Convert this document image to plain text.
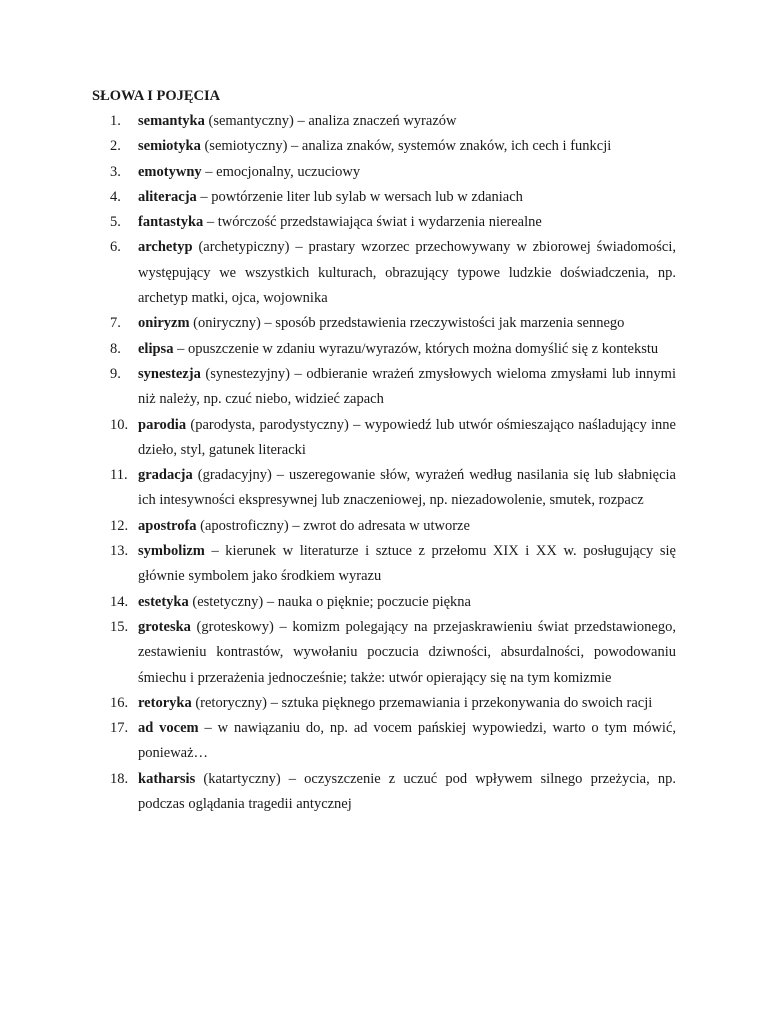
SŁOWA I POJĘCIA
1.	semantyka (semantyczny) – analiza znaczeń wyrazów
2.	semiotyka (semiotyczny) – analiza znaków, systemów znaków, ich cech i funkcji
3.	emotywny – emocjonalny, uczuciowy
4.	aliteracja – powtórzenie liter lub sylab w wersach lub w zdaniach
5.	fantastyka – twórczość przedstawiająca świat i wydarzenia nierealne
6.	archetyp (archetypiczny) – prastary wzorzec przechowywany w zbiorowej świadomości, występujący we wszystkich kulturach, obrazujący typowe ludzkie doświadczenia, np. archetyp matki, ojca, wojownika
7.	oniryzm (oniryczny) – sposób przedstawienia rzeczywistości jak marzenia sennego
8.	elipsa – opuszczenie w zdaniu wyrazu/wyrazów, których można domyślić się z kontekstu
9.	synestezja (synestezyjny) – odbieranie wrażeń zmysłowych wieloma zmysłami lub innymi niż należy, np. czuć niebo, widzieć zapach
10. parodia (parodysta, parodystyczny) – wypowiedź lub utwór ośmieszająco naśladujący inne dzieło, styl, gatunek literacki
11. gradacja (gradacyjny) – uszeregowanie słów, wyrażeń według nasilania się lub słabnięcia ich intesywności ekspresywnej lub znaczeniowej, np. niezadowolenie, smutek, rozpacz
12. apostrofa (apostroficzny) – zwrot do adresata w utworze
13. symbolizm – kierunek w literaturze i sztuce z przełomu XIX i XX w. posługujący się głównie symbolem jako środkiem wyrazu
14. estetyka (estetyczny) – nauka o pięknie; poczucie piękna
15. groteska (groteskowy) – komizm polegający na przejaskrawieniu świat przedstawionego, zestawieniu kontrastów, wywołaniu poczucia dziwności, absurdalności, powodowaniu śmiechu i przerażenia jednocześnie; także: utwór opierający się na tym komizmie
16. retoryka (retoryczny) – sztuka pięknego przemawiania i przekonywania do swoich racji
17. ad vocem – w nawiązaniu do, np. ad vocem pańskiej wypowiedzi, warto o tym mówić, ponieważ…
18. katharsis (katartyczny) – oczyszczenie z uczuć pod wpływem silnego przeżycia, np. podczas oglądania tragedii antycznej
